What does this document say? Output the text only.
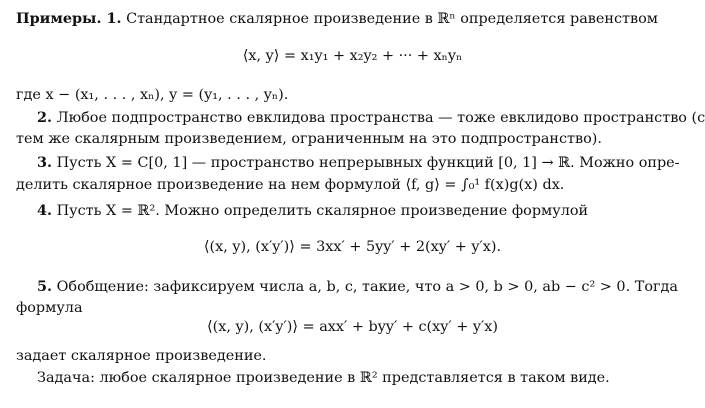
Примеры. 1. Стандартное скалярное произведение в ℝⁿ определяется равенством
⟨x, y⟩ = x₁y₁ + x₂y₂ + ··· + xₙyₙ
где x − (x₁, . . . , xₙ), y = (y₁, . . . , yₙ).
2. Любое подпространство евклидова пространства — тоже евклидово пространство (с
тем же скалярным произведением, ограниченным на это подпространство).
3. Пусть X = C[0, 1] — пространство непрерывных функций [0, 1] → ℝ. Можно опре-
делить скалярное произведение на нем формулой ⟨f, g⟩ = ∫₀¹ f(x)g(x) dx.
4. Пусть X = ℝ². Можно определить скалярное произведение формулой
⟨(x, y), (x′y′)⟩ = 3xx′ + 5yy′ + 2(xy′ + y′x).
5. Обобщение: зафиксируем числа a, b, c, такие, что a > 0, b > 0, ab − c² > 0. Тогда
формула
⟨(x, y), (x′y′)⟩ = axx′ + byy′ + c(xy′ + y′x)
задает скалярное произведение.
Задача: любое скалярное произведение в ℝ² представляется в таком виде.
